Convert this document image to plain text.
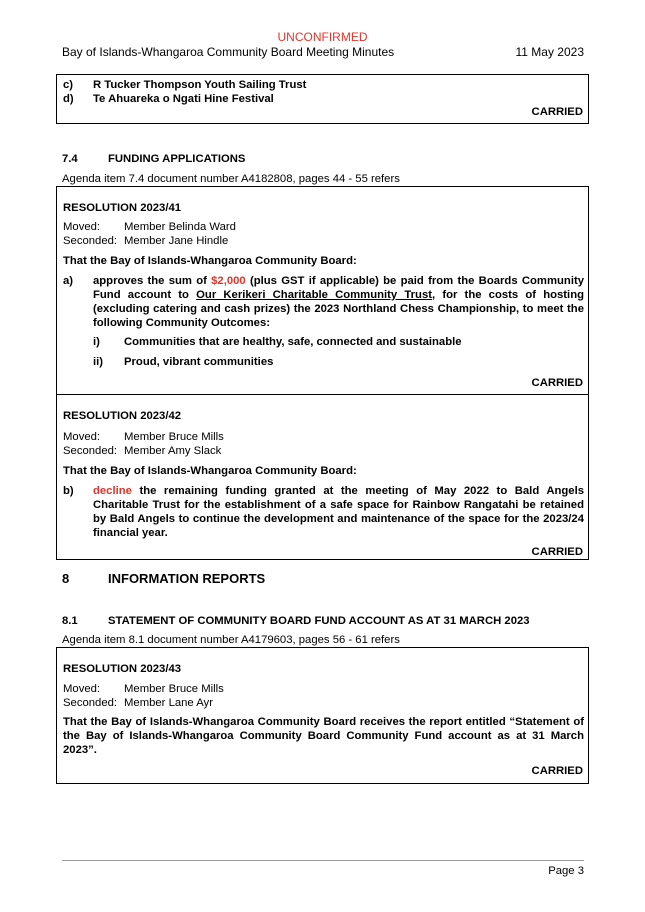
UNCONFIRMED
Bay of Islands-Whangaroa Community Board Meeting Minutes	11 May 2023
c) R Tucker Thompson Youth Sailing Trust
d) Te Ahuareka o Ngati Hine Festival
CARRIED
7.4	FUNDING APPLICATIONS
Agenda item 7.4 document number A4182808, pages 44 - 55 refers
RESOLUTION 2023/41
Moved: Member Belinda Ward
Seconded: Member Jane Hindle
That the Bay of Islands-Whangaroa Community Board:
a) approves the sum of $2,000 (plus GST if applicable) be paid from the Boards Community Fund account to Our Kerikeri Charitable Community Trust, for the costs of hosting (excluding catering and cash prizes) the 2023 Northland Chess Championship, to meet the following Community Outcomes:
i) Communities that are healthy, safe, connected and sustainable
ii) Proud, vibrant communities
CARRIED
RESOLUTION 2023/42
Moved: Member Bruce Mills
Seconded: Member Amy Slack
That the Bay of Islands-Whangaroa Community Board:
b) decline the remaining funding granted at the meeting of May 2022 to Bald Angels Charitable Trust for the establishment of a safe space for Rainbow Rangatahi be retained by Bald Angels to continue the development and maintenance of the space for the 2023/24 financial year.
CARRIED
8	INFORMATION REPORTS
8.1	STATEMENT OF COMMUNITY BOARD FUND ACCOUNT AS AT 31 MARCH 2023
Agenda item 8.1 document number A4179603, pages 56 - 61 refers
RESOLUTION 2023/43
Moved: Member Bruce Mills
Seconded: Member Lane Ayr
That the Bay of Islands-Whangaroa Community Board receives the report entitled “Statement of the Bay of Islands-Whangaroa Community Board Community Fund account as at 31 March 2023”.
CARRIED
Page 3
